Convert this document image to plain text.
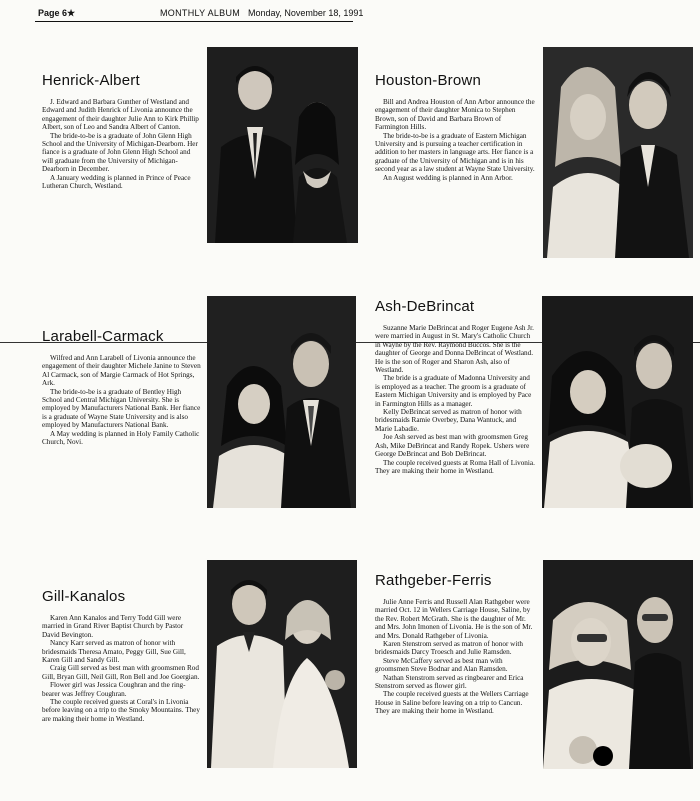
Page 6★	MONTHLY ALBUM Monday, November 18, 1991
Henrick-Albert

J. Edward and Barbara Gunther of Westland and Edward and Judith Henrick of Livonia announce the engagement of their daughter Julie Ann to Kirk Phillip Albert, son of Leo and Sandra Albert of Canton.

The bride-to-be is a graduate of John Glenn High School and the University of Michigan-Dearborn. Her fiance is a graduate of John Glenn High School and will graduate from the University of Michigan-Dearborn in December.

A January wedding is planned in Prince of Peace Lutheran Church, Westland.

Houston-Brown

Bill and Andrea Houston of Ann Arbor announce the engagement of their daughter Monica to Stephen Brown, son of David and Barbara Brown of Farmington Hills.

The bride-to-be is a graduate of Eastern Michigan University and is pursuing a teacher certification in addition to her masters in language arts. Her fiance is a graduate of the University of Michigan and is in his second year as a law student at Wayne State University.

An August wedding is planned in Ann Arbor.

Larabell-Carmack

Wilfred and Ann Larabell of Livonia announce the engagement of their daughter Michele Janine to Steven Al Carmack, son of Margie Carmack of Hot Springs, Ark.

The bride-to-be is a graduate of Bentley High School and Central Michigan University. She is employed by Manufacturers National Bank. Her fiance is a graduate of Wayne State University and is also employed by Manufacturers National Bank.

A May wedding is planned in Holy Family Catholic Church, Novi.

Ash-DeBrincat

Suzanne Marie DeBrincat and Roger Eugene Ash Jr. were married in August in St. Mary's Catholic Church in Wayne by the Rev. Raymond Buccos. She is the daughter of George and Donna DeBrincat of Westland. He is the son of Roger and Sharon Ash, also of Westland.

The bride is a graduate of Madonna University and is employed as a teacher. The groom is a graduate of Eastern Michigan University and is employed by Pace in Farmington Hills as a manager.

Kelly DeBrincat served as matron of honor with bridesmaids Ramie Overbey, Dana Wantuck, and Marie Labadie.

Joe Ash served as best man with groomsmen Greg Ash, Mike DeBrincat and Randy Ropek. Ushers were George DeBrincat and Bob DeBrincat.

The couple received guests at Roma Hall of Livonia. They are making their home in Westland.

Gill-Kanalos

Karen Ann Kanalos and Terry Todd Gill were married in Grand River Baptist Church by Pastor David Bevington.

Nancy Karr served as matron of honor with bridesmaids Theresa Amato, Peggy Gill, Sue Gill, Karen Gill and Sandy Gill.

Craig Gill served as best man with groomsmen Rod Gill, Bryan Gill, Neil Gill, Ron Bell and Joe Goergian.

Flower girl was Jessica Coughran and the ring-bearer was Jeffrey Coughran.

The couple received guests at Coral's in Livonia before leaving on a trip to the Smoky Mountains. They are making their home in Westland.

Rathgeber-Ferris

Julie Anne Ferris and Russell Alan Rathgeber were married Oct. 12 in Wellers Carriage House, Saline, by the Rev. Robert McGrath. She is the daughter of Mr. and Mrs. John Imonen of Livonia. He is the son of Mr. and Mrs. Donald Rathgeber of Livonia.

Karen Stenstrom served as matron of honor with bridesmaids Darcy Troesch and Julie Ramsden.

Steve McCaffery served as best man with groomsmen Steve Bodnar and Alan Ramsden.

Nathan Stenstrom served as ringbearer and Erica Stenstrom served as flower girl.

The couple received guests at the Wellers Carriage House in Saline before leaving on a trip to Cancun. They are making their home in Westland.
